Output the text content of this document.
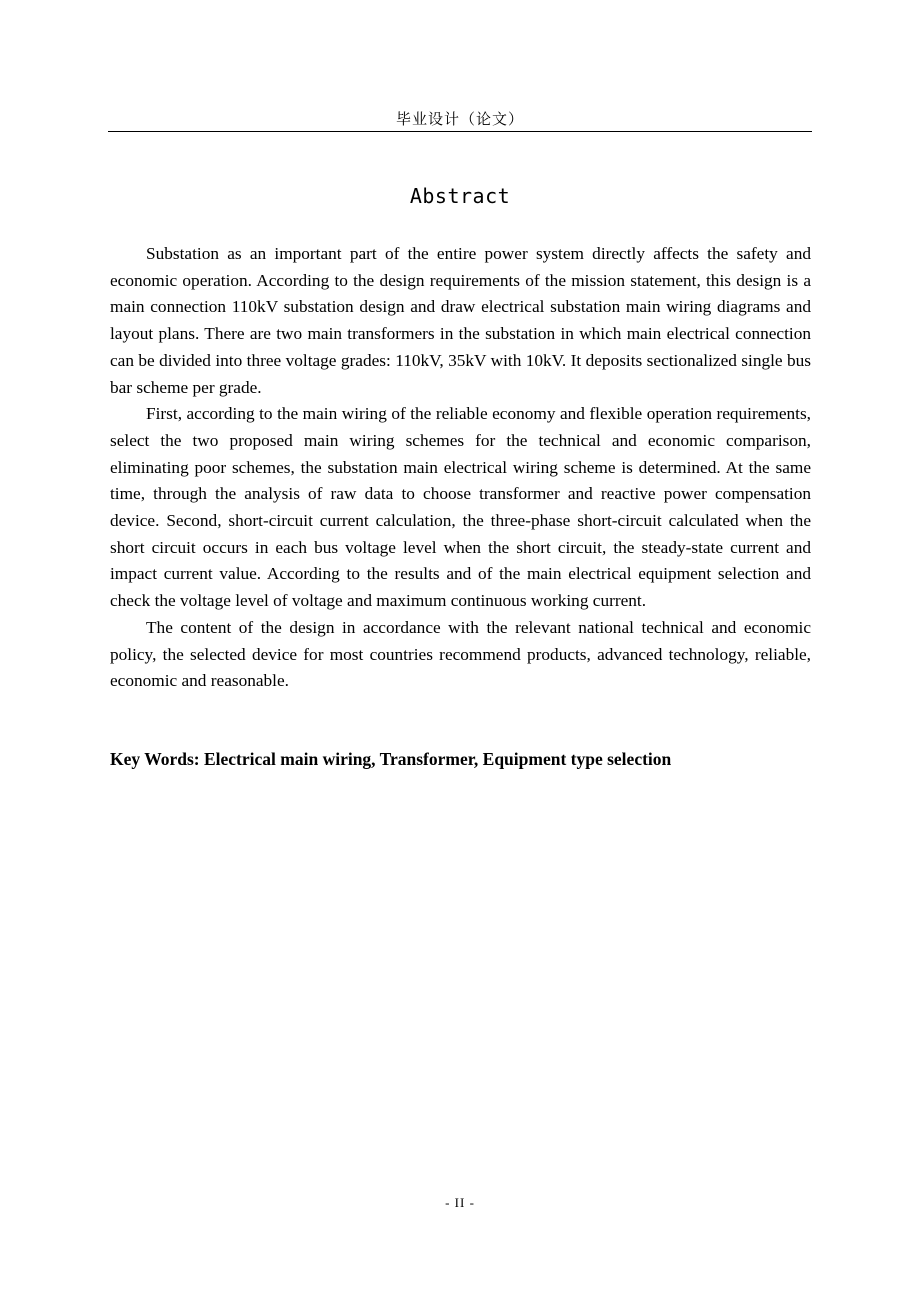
毕业设计（论文）
Abstract

Substation as an important part of the entire power system directly affects the safety and economic operation. According to the design requirements of the mission statement, this design is a main connection 110kV substation design and draw electrical substation main wiring diagrams and layout plans. There are two main transformers in the substation in which main electrical connection can be divided into three voltage grades: 110kV, 35kV with 10kV. It deposits sectionalized single bus bar scheme per grade.

First, according to the main wiring of the reliable economy and flexible operation requirements, select the two proposed main wiring schemes for the technical and economic comparison, eliminating poor schemes, the substation main electrical wiring scheme is determined. At the same time, through the analysis of raw data to choose transformer and reactive power compensation device. Second, short-circuit current calculation, the three-phase short-circuit calculated when the short circuit occurs in each bus voltage level when the short circuit, the steady-state current and impact current value. According to the results and of the main electrical equipment selection and check the voltage level of voltage and maximum continuous working current.

The content of the design in accordance with the relevant national technical and economic policy, the selected device for most countries recommend products, advanced technology, reliable, economic and reasonable.

Key Words: Electrical main wiring, Transformer, Equipment type selection
- II -
